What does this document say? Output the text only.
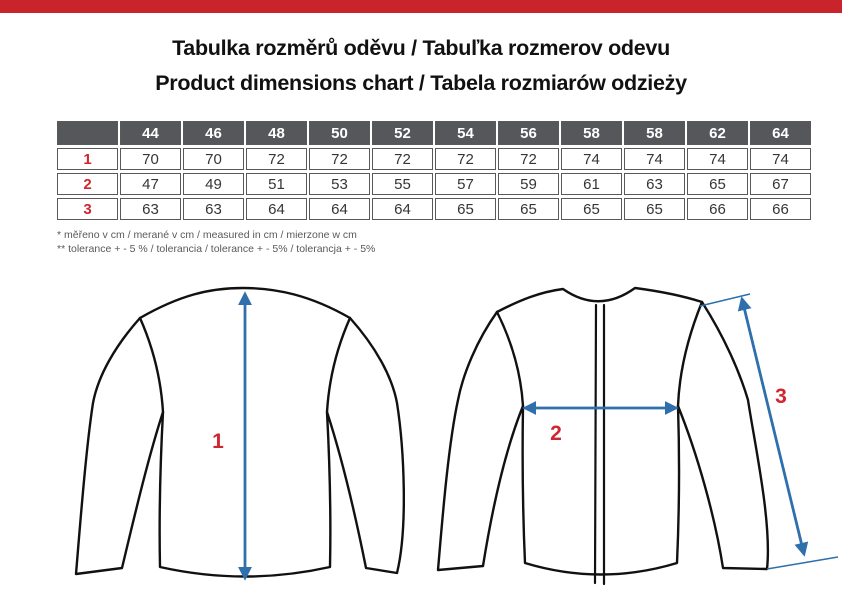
Tabulka rozměrů oděvu / Tabuľka rozmerov odevu
Product dimensions chart / Tabela rozmiarów odzieży
	44	46	48	50	52	54	56	58	58	62	64
1	70	70	72	72	72	72	72	74	74	74	74
2	47	49	51	53	55	57	59	61	63	65	67
3	63	63	64	64	64	65	65	65	65	66	66
* měřeno v cm / merané v cm / measured in cm / mierzone w cm
** tolerance + - 5 % / tolerancia / tolerance + - 5% / tolerancja + - 5%
1	2
3
